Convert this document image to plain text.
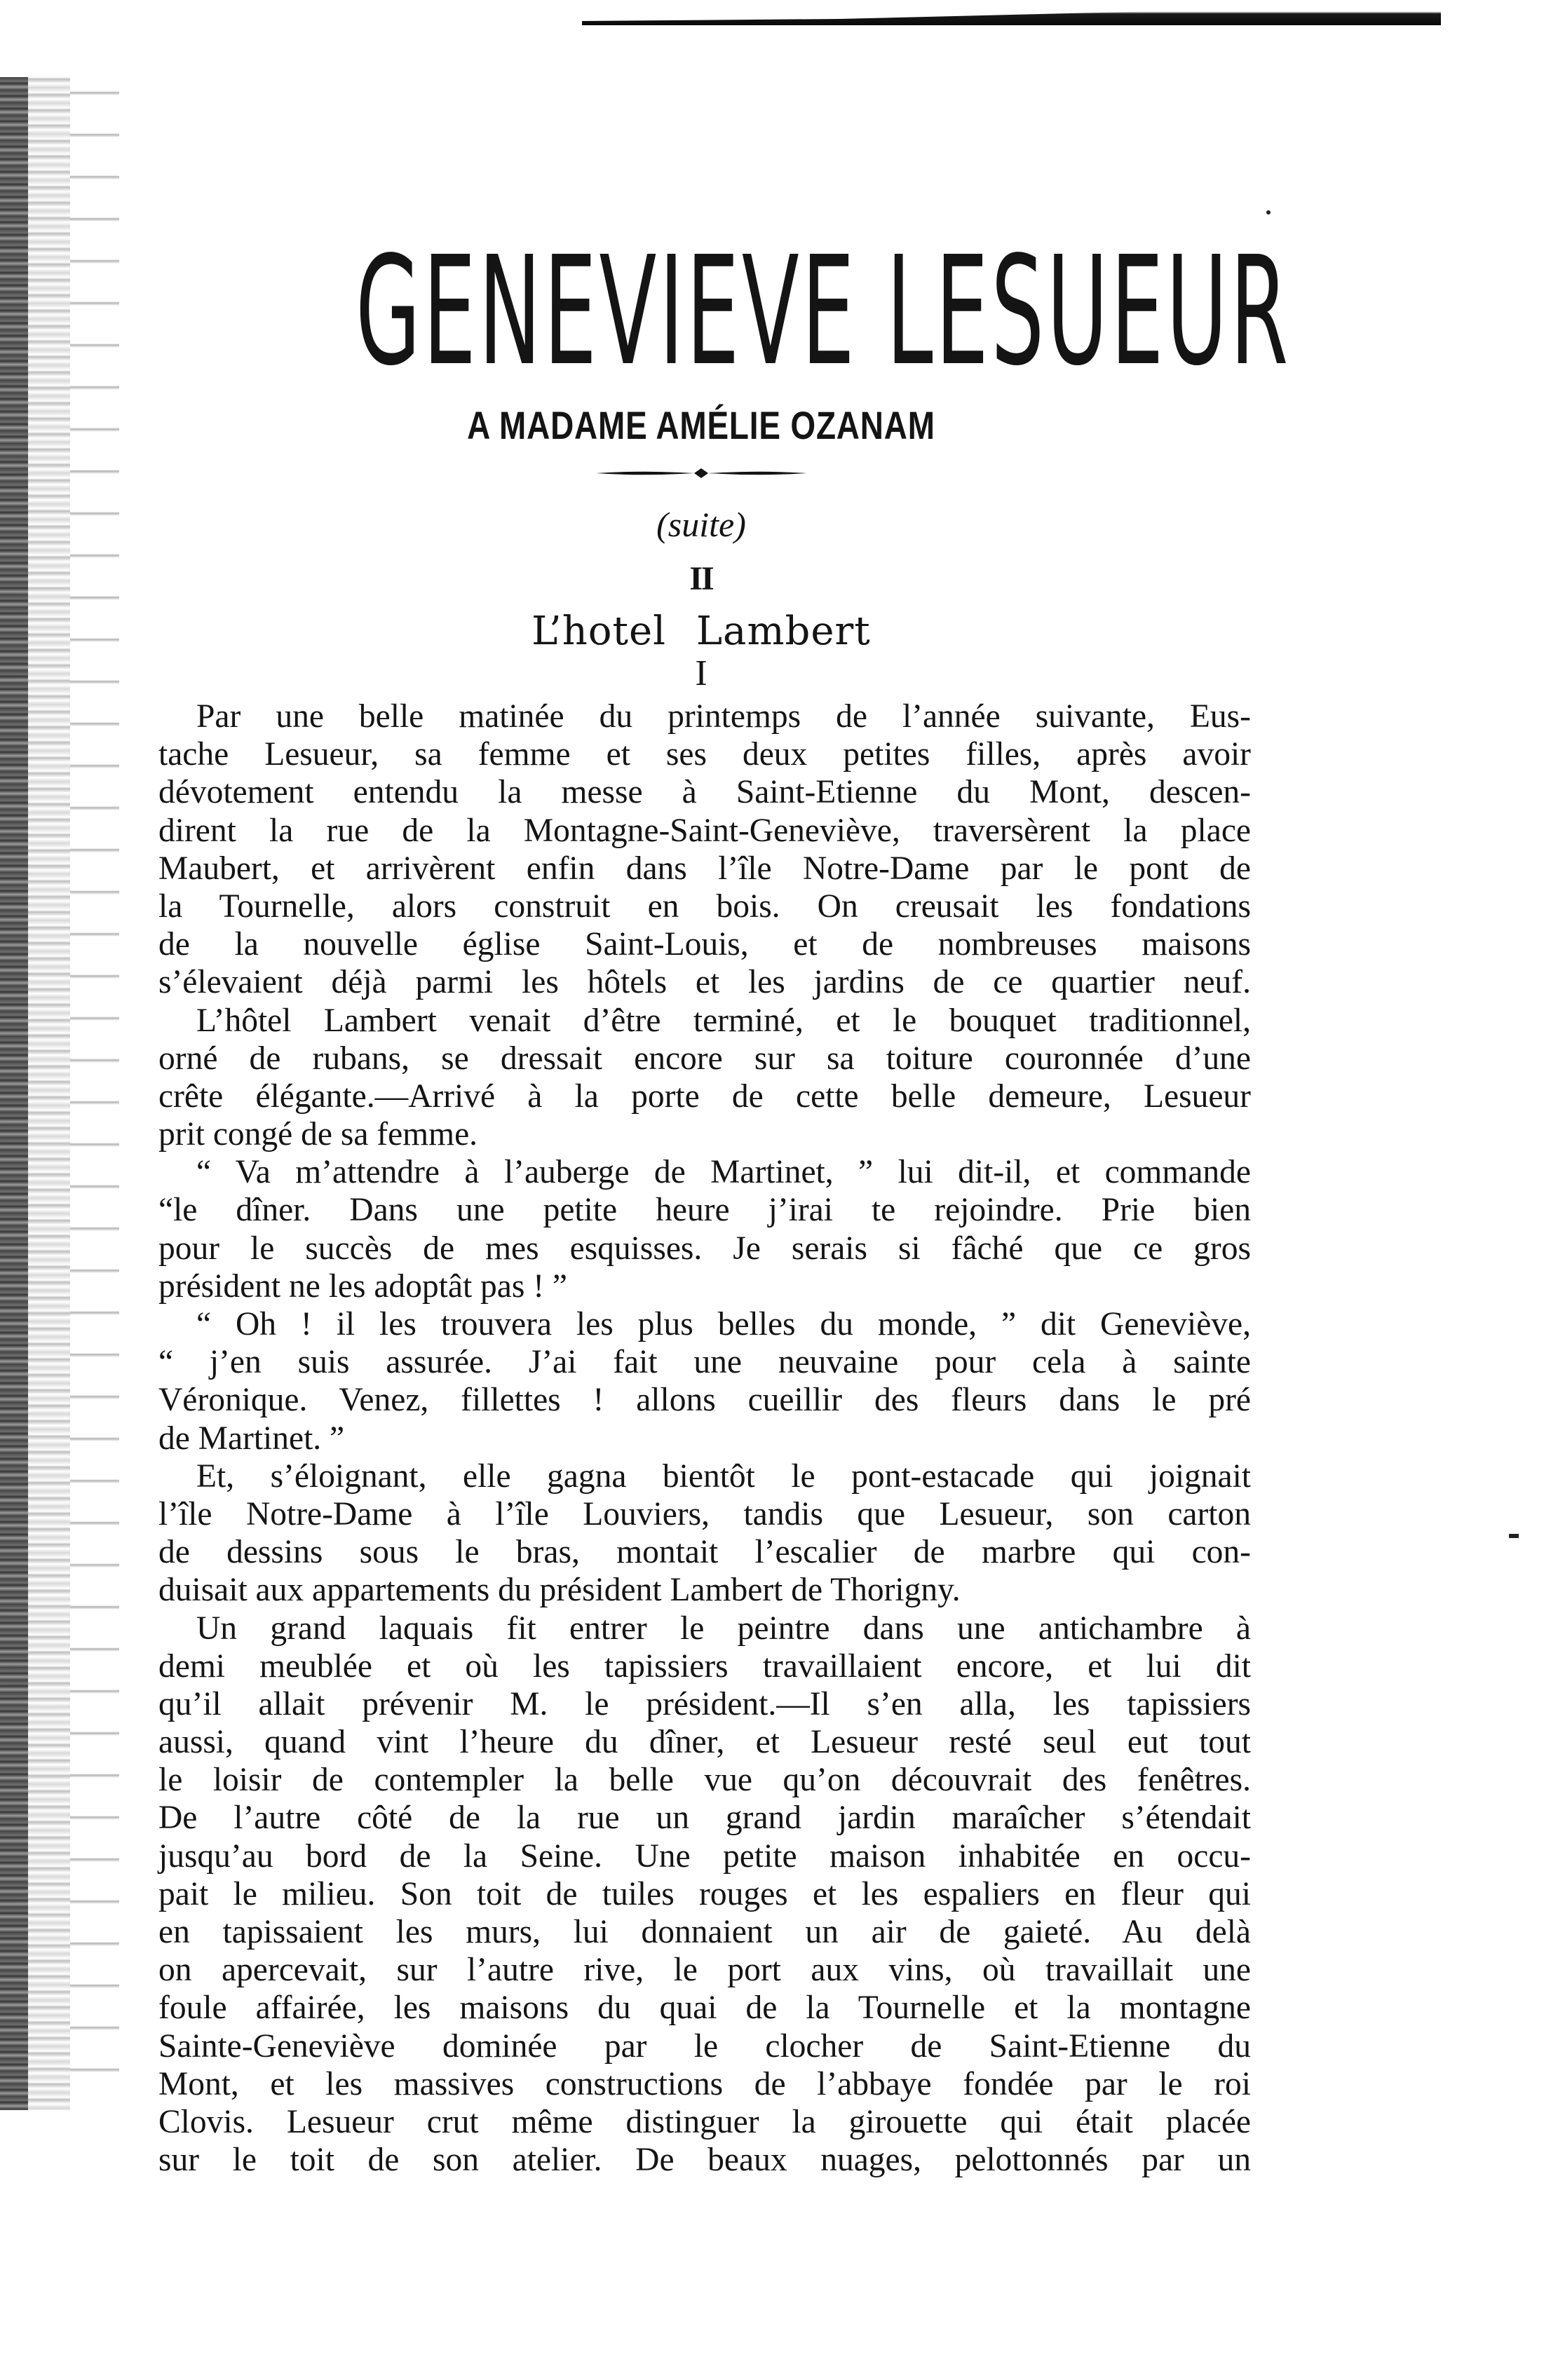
GENEVIEVE LESUEUR
A MADAME AMÉLIE OZANAM
(suite)
II
L’hotel Lambert
I
Par une belle matinée du printemps de l’année suivante, Eus-
tache Lesueur, sa femme et ses deux petites filles, après avoir
dévotement entendu la messe à Saint-Etienne du Mont, descen-
dirent la rue de la Montagne-Saint-Geneviève, traversèrent la place
Maubert, et arrivèrent enfin dans l’île Notre-Dame par le pont de
la Tournelle, alors construit en bois. On creusait les fondations
de la nouvelle église Saint-Louis, et de nombreuses maisons
s’élevaient déjà parmi les hôtels et les jardins de ce quartier neuf.
L’hôtel Lambert venait d’être terminé, et le bouquet traditionnel,
orné de rubans, se dressait encore sur sa toiture couronnée d’une
crête élégante.—Arrivé à la porte de cette belle demeure, Lesueur
prit congé de sa femme.
“ Va m’attendre à l’auberge de Martinet, ” lui dit-il, et commande
“le dîner. Dans une petite heure j’irai te rejoindre. Prie bien
pour le succès de mes esquisses. Je serais si fâché que ce gros
président ne les adoptât pas ! ”
“ Oh ! il les trouvera les plus belles du monde, ” dit Geneviève,
“ j’en suis assurée. J’ai fait une neuvaine pour cela à sainte
Véronique. Venez, fillettes ! allons cueillir des fleurs dans le pré
de Martinet. ”
Et, s’éloignant, elle gagna bientôt le pont-estacade qui joignait
l’île Notre-Dame à l’île Louviers, tandis que Lesueur, son carton
de dessins sous le bras, montait l’escalier de marbre qui con-
duisait aux appartements du président Lambert de Thorigny.
Un grand laquais fit entrer le peintre dans une antichambre à
demi meublée et où les tapissiers travaillaient encore, et lui dit
qu’il allait prévenir M. le président.—Il s’en alla, les tapissiers
aussi, quand vint l’heure du dîner, et Lesueur resté seul eut tout
le loisir de contempler la belle vue qu’on découvrait des fenêtres.
De l’autre côté de la rue un grand jardin maraîcher s’étendait
jusqu’au bord de la Seine. Une petite maison inhabitée en occu-
pait le milieu. Son toit de tuiles rouges et les espaliers en fleur qui
en tapissaient les murs, lui donnaient un air de gaieté. Au delà
on apercevait, sur l’autre rive, le port aux vins, où travaillait une
foule affairée, les maisons du quai de la Tournelle et la montagne
Sainte-Geneviève dominée par le clocher de Saint-Etienne du
Mont, et les massives constructions de l’abbaye fondée par le roi
Clovis. Lesueur crut même distinguer la girouette qui était placée
sur le toit de son atelier. De beaux nuages, pelottonnés par un
